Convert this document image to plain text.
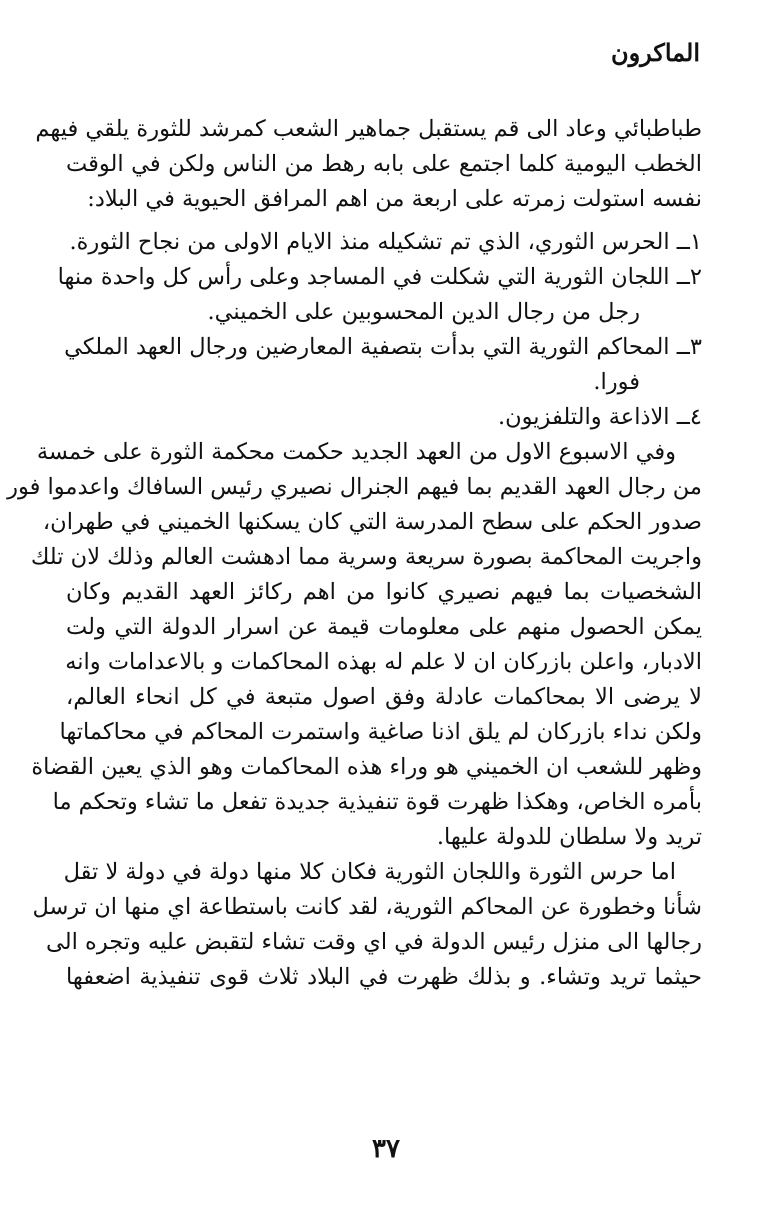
الماكرون
طباطبائي وعاد الى قم يستقبل جماهير الشعب كمرشد للثورة يلقي فيهم
الخطب اليومية كلما اجتمع على بابه رهط من الناس ولكن في الوقت
نفسه استولت زمرته على اربعة من اهم المرافق الحيوية في البلاد:
١ــ الحرس الثوري، الذي تم تشكيله منذ الايام الاولى من نجاح الثورة.
٢ــ اللجان الثورية التي شكلت في المساجد وعلى رأس كل واحدة منها
رجل من رجال الدين المحسوبين على الخميني.
٣ــ المحاكم الثورية التي بدأت بتصفية المعارضين ورجال العهد الملكي
فورا.
٤ــ الاذاعة والتلفزيون.
وفي الاسبوع الاول من العهد الجديد حكمت محكمة الثورة على خمسة
من رجال العهد القديم بما فيهم الجنرال نصيري رئيس السافاك واعدموا فور
صدور الحكم على سطح المدرسة التي كان يسكنها الخميني في طهران،
واجريت المحاكمة بصورة سريعة وسرية مما ادهشت العالم وذلك لان تلك
الشخصيات بما فيهم نصيري كانوا من اهم ركائز العهد القديم وكان
يمكن الحصول منهم على معلومات قيمة عن اسرار الدولة التي ولت
الادبار، واعلن بازركان ان لا علم له بهذه المحاكمات و بالاعدامات وانه
لا يرضى الا بمحاكمات عادلة وفق اصول متبعة في كل انحاء العالم،
ولكن نداء بازركان لم يلق اذنا صاغية واستمرت المحاكم في محاكماتها
وظهر للشعب ان الخميني هو وراء هذه المحاكمات وهو الذي يعين القضاة
بأمره الخاص، وهكذا ظهرت قوة تنفيذية جديدة تفعل ما تشاء وتحكم ما
تريد ولا سلطان للدولة عليها.
اما حرس الثورة واللجان الثورية فكان كلا منها دولة في دولة لا تقل
شأنا وخطورة عن المحاكم الثورية، لقد كانت باستطاعة اي منها ان ترسل
رجالها الى منزل رئيس الدولة في اي وقت تشاء لتقبض عليه وتجره الى
حيثما تريد وتشاء. و بذلك ظهرت في البلاد ثلاث قوى تنفيذية اضعفها
٣٧
